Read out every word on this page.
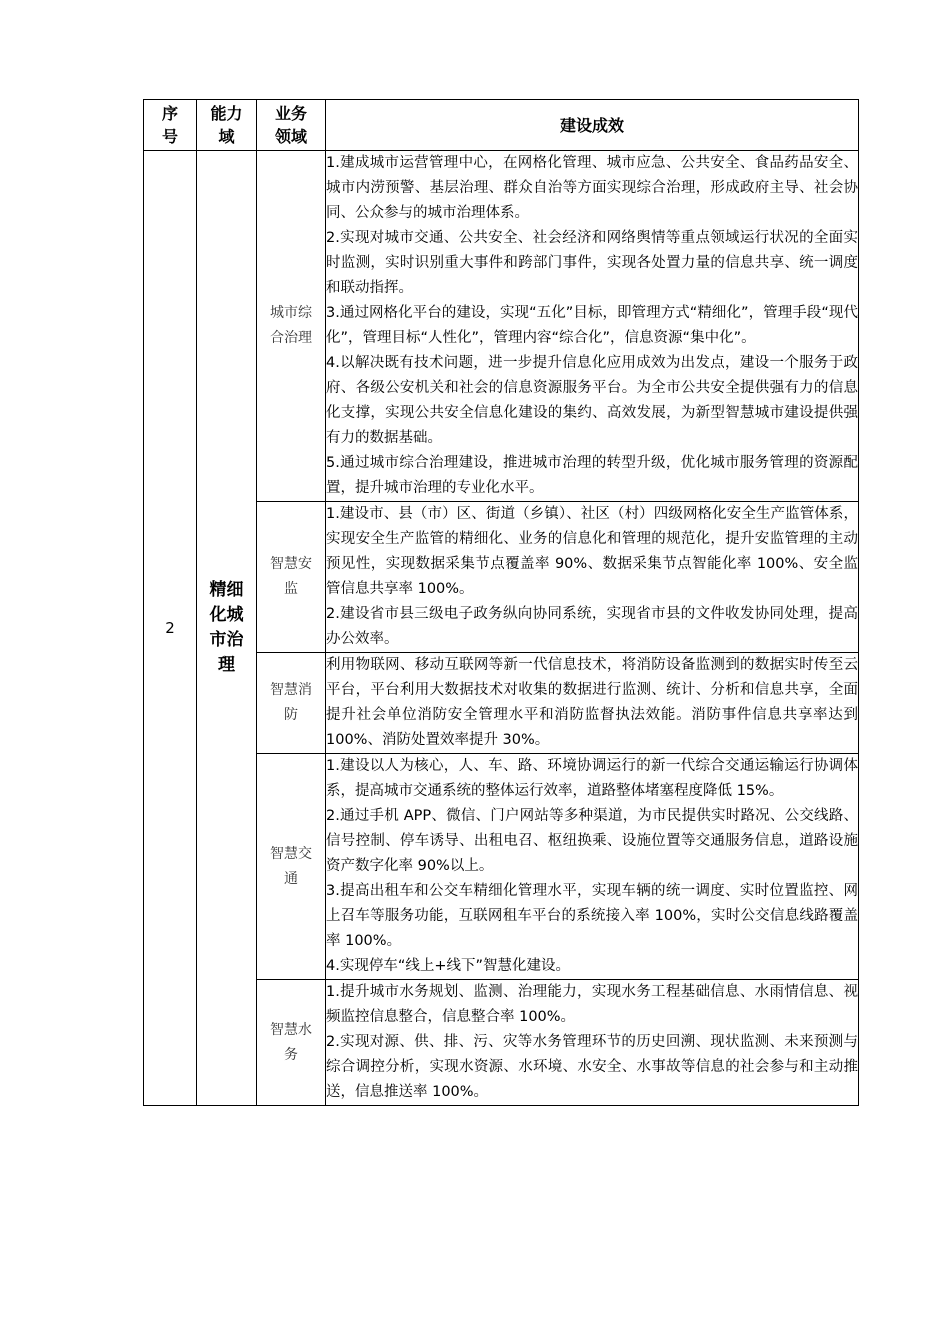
序号	能力域	业务领域	建设成效

2	精细化城市治理	城市综合治理	1.建成城市运营管理中心，在网格化管理、城市应急、公共安全、食品药品安全、城市内涝预警、基层治理、群众自治等方面实现综合治理，形成政府主导、社会协同、公众参与的城市治理体系。

2.实现对城市交通、公共安全、社会经济和网络舆情等重点领域运行状况的全面实时监测，实时识别重大事件和跨部门事件，实现各处置力量的信息共享、统一调度和联动指挥。

3.通过网格化平台的建设，实现“五化”目标，即管理方式“精细化”，管理手段“现代化”，管理目标“人性化”，管理内容“综合化”，信息资源“集中化”。

4.以解决既有技术问题，进一步提升信息化应用成效为出发点，建设一个服务于政府、各级公安机关和社会的信息资源服务平台。为全市公共安全提供强有力的信息化支撑，实现公共安全信息化建设的集约、高效发展，为新型智慧城市建设提供强有力的数据基础。

5.通过城市综合治理建设，推进城市治理的转型升级，优化城市服务管理的资源配置，提升城市治理的专业化水平。

		智慧安监	1.建设市、县（市）区、街道（乡镇）、社区（村）四级网格化安全生产监管体系，实现安全生产监管的精细化、业务的信息化和管理的规范化，提升安监管理的主动预见性，实现数据采集节点覆盖率 90%、数据采集节点智能化率 100%、安全监管信息共享率 100%。

2.建设省市县三级电子政务纵向协同系统，实现省市县的文件收发协同处理，提高办公效率。

		智慧消防	利用物联网、移动互联网等新一代信息技术，将消防设备监测到的数据实时传至云平台，平台利用大数据技术对收集的数据进行监测、统计、分析和信息共享，全面提升社会单位消防安全管理水平和消防监督执法效能。消防事件信息共享率达到 100%、消防处置效率提升 30%。

		智慧交通	1.建设以人为核心，人、车、路、环境协调运行的新一代综合交通运输运行协调体系，提高城市交通系统的整体运行效率，道路整体堵塞程度降低 15%。

2.通过手机 APP、微信、门户网站等多种渠道，为市民提供实时路况、公交线路、信号控制、停车诱导、出租电召、枢纽换乘、设施位置等交通服务信息，道路设施资产数字化率 90%以上。

3.提高出租车和公交车精细化管理水平，实现车辆的统一调度、实时位置监控、网上召车等服务功能，互联网租车平台的系统接入率 100%，实时公交信息线路覆盖率 100%。

4.实现停车“线上+线下”智慧化建设。

		智慧水务	1.提升城市水务规划、监测、治理能力，实现水务工程基础信息、水雨情信息、视频监控信息整合，信息整合率 100%。

2.实现对源、供、排、污、灾等水务管理环节的历史回溯、现状监测、未来预测与综合调控分析，实现水资源、水环境、水安全、水事故等信息的社会参与和主动推送，信息推送率 100%。
